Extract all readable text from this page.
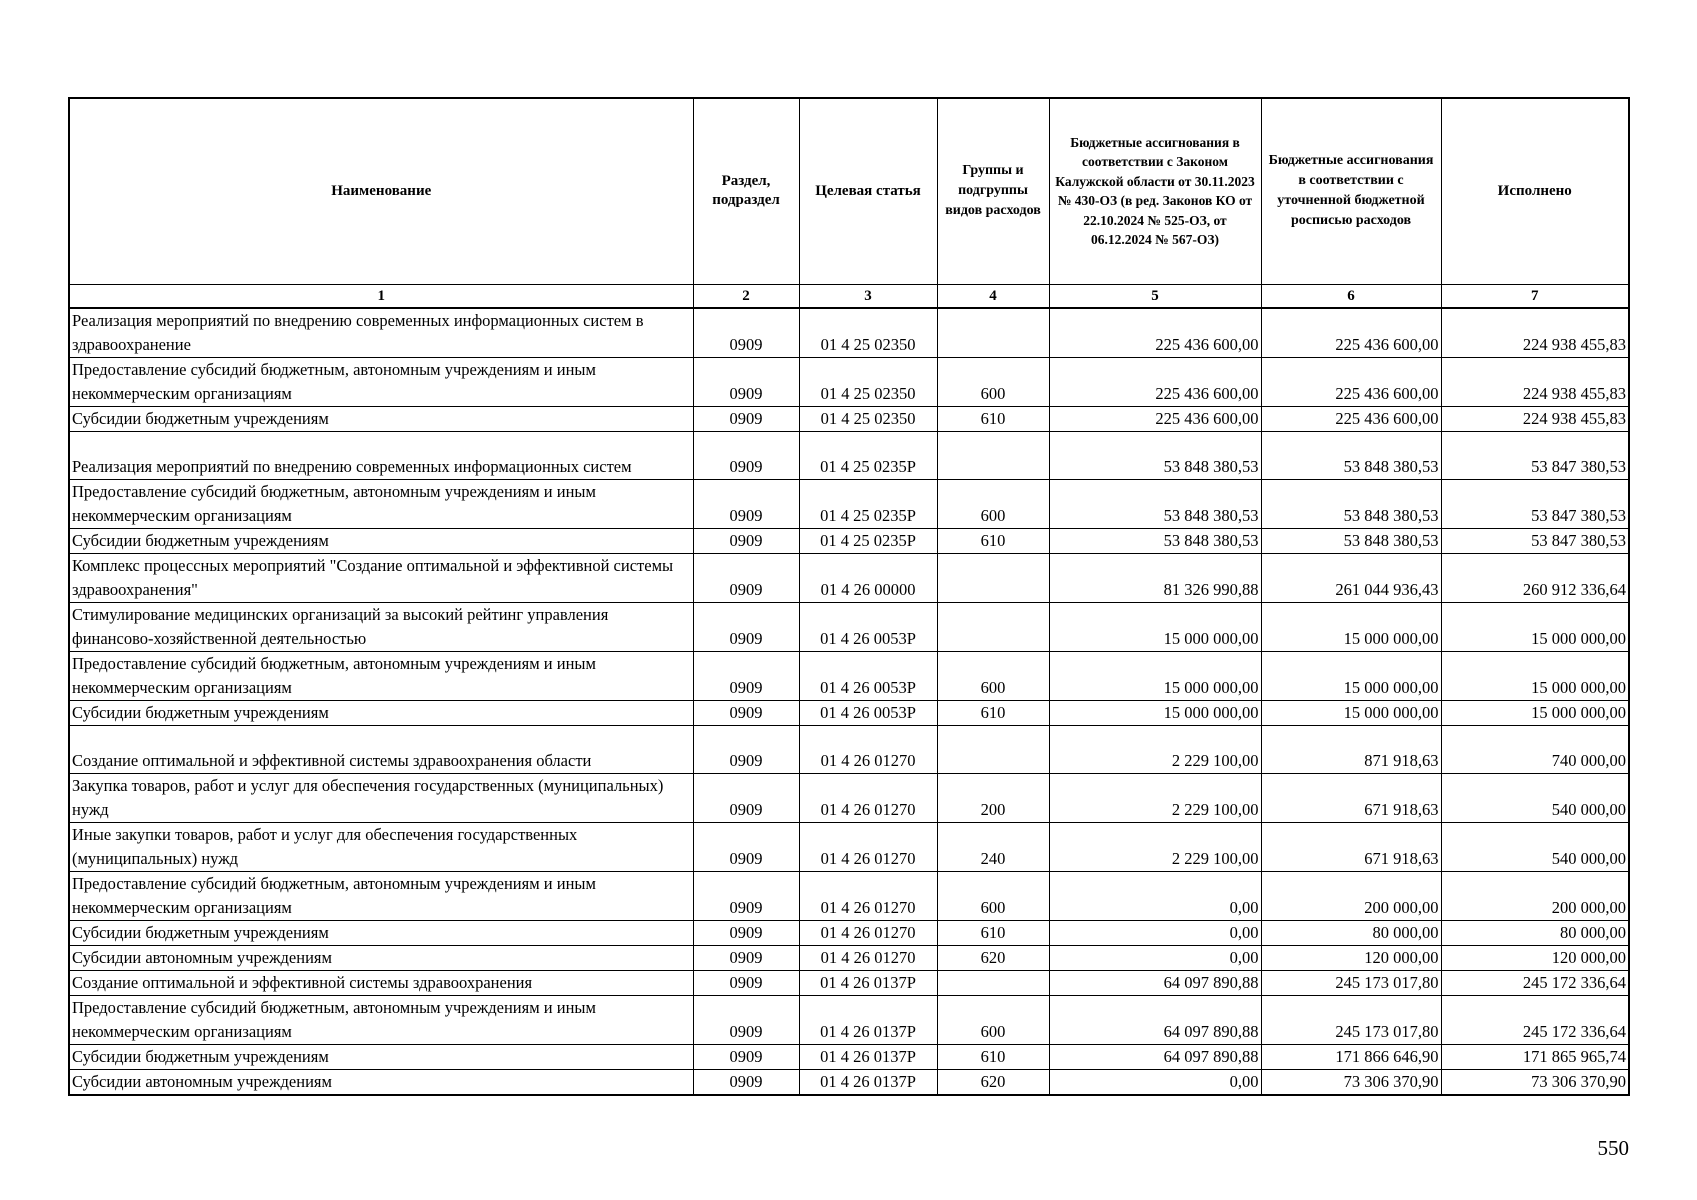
Наименование	Раздел, подраздел	Целевая статья	Группы и подгруппы видов расходов	Бюджетные ассигнования в соответствии с Законом Калужской области от 30.11.2023 № 430-ОЗ (в ред. Законов КО от 22.10.2024 № 525-ОЗ, от 06.12.2024 № 567-ОЗ)	Бюджетные ассигнования в соответствии с уточненной бюджетной росписью расходов	Исполнено
1	2	3	4	5	6	7
Реализация мероприятий по внедрению современных информационных систем в здравоохранение	0909	01 4 25 02350		225 436 600,00	225 436 600,00	224 938 455,83
Предоставление субсидий бюджетным, автономным учреждениям и иным некоммерческим организациям	0909	01 4 25 02350	600	225 436 600,00	225 436 600,00	224 938 455,83
Субсидии бюджетным учреждениям	0909	01 4 25 02350	610	225 436 600,00	225 436 600,00	224 938 455,83
Реализация мероприятий по внедрению современных информационных систем	0909	01 4 25 0235Р		53 848 380,53	53 848 380,53	53 847 380,53
Предоставление субсидий бюджетным, автономным учреждениям и иным некоммерческим организациям	0909	01 4 25 0235Р	600	53 848 380,53	53 848 380,53	53 847 380,53
Субсидии бюджетным учреждениям	0909	01 4 25 0235Р	610	53 848 380,53	53 848 380,53	53 847 380,53
Комплекс процессных мероприятий "Создание оптимальной и эффективной системы здравоохранения"	0909	01 4 26 00000		81 326 990,88	261 044 936,43	260 912 336,64
Стимулирование медицинских организаций за высокий рейтинг управления финансово-хозяйственной деятельностью	0909	01 4 26 0053Р		15 000 000,00	15 000 000,00	15 000 000,00
Предоставление субсидий бюджетным, автономным учреждениям и иным некоммерческим организациям	0909	01 4 26 0053Р	600	15 000 000,00	15 000 000,00	15 000 000,00
Субсидии бюджетным учреждениям	0909	01 4 26 0053Р	610	15 000 000,00	15 000 000,00	15 000 000,00
Создание оптимальной и эффективной системы здравоохранения области	0909	01 4 26 01270		2 229 100,00	871 918,63	740 000,00
Закупка товаров, работ и услуг для обеспечения государственных (муниципальных) нужд	0909	01 4 26 01270	200	2 229 100,00	671 918,63	540 000,00
Иные закупки товаров, работ и услуг для обеспечения государственных (муниципальных) нужд	0909	01 4 26 01270	240	2 229 100,00	671 918,63	540 000,00
Предоставление субсидий бюджетным, автономным учреждениям и иным некоммерческим организациям	0909	01 4 26 01270	600	0,00	200 000,00	200 000,00
Субсидии бюджетным учреждениям	0909	01 4 26 01270	610	0,00	80 000,00	80 000,00
Субсидии автономным учреждениям	0909	01 4 26 01270	620	0,00	120 000,00	120 000,00
Создание оптимальной и эффективной системы здравоохранения	0909	01 4 26 0137Р		64 097 890,88	245 173 017,80	245 172 336,64
Предоставление субсидий бюджетным, автономным учреждениям и иным некоммерческим организациям	0909	01 4 26 0137Р	600	64 097 890,88	245 173 017,80	245 172 336,64
Субсидии бюджетным учреждениям	0909	01 4 26 0137Р	610	64 097 890,88	171 866 646,90	171 865 965,74
Субсидии автономным учреждениям	0909	01 4 26 0137Р	620	0,00	73 306 370,90	73 306 370,90
550
